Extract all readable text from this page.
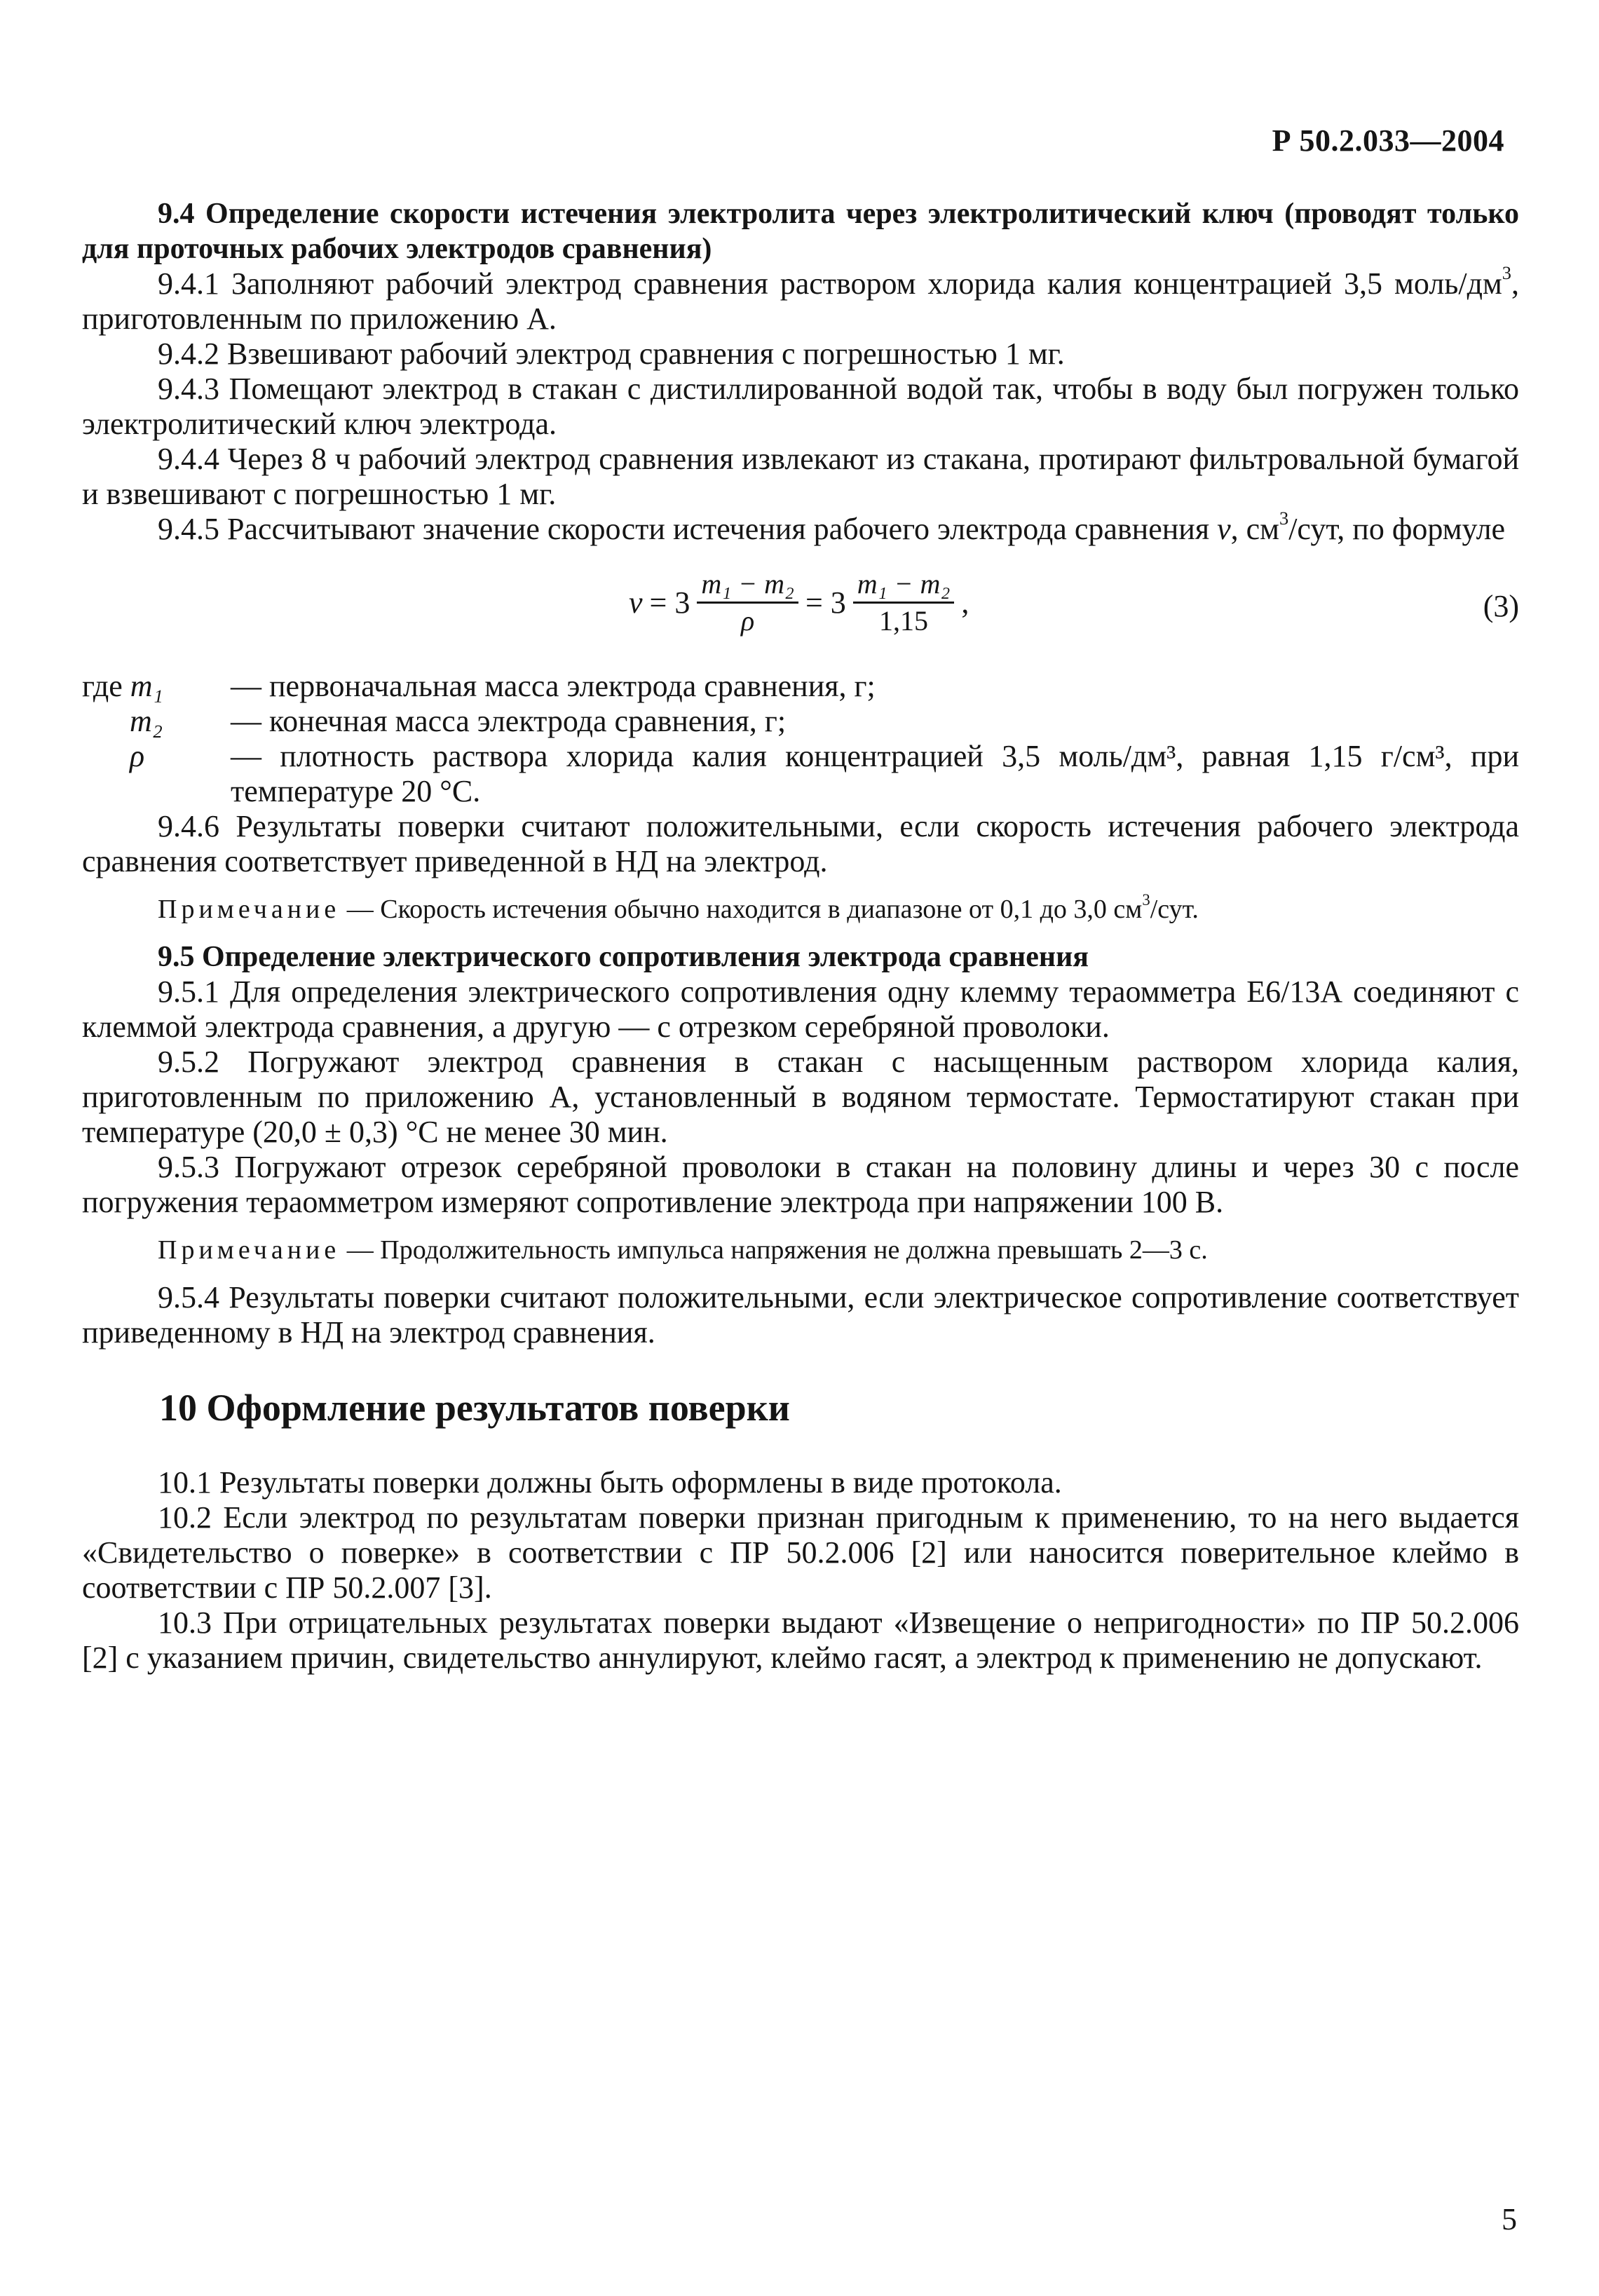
Р 50.2.033—2004

9.4 Определение скорости истечения электролита через электролитический ключ (проводят только для проточных рабочих электродов сравнения)

9.4.1 Заполняют рабочий электрод сравнения раствором хлорида калия концентрацией 3,5 моль/$дм^3$, приготовленным по приложению А.

9.4.2 Взвешивают рабочий электрод сравнения с погрешностью 1 мг.

9.4.3 Помещают электрод в стакан с дистиллированной водой так, чтобы в воду был погружен только электролитический ключ электрода.

9.4.4 Через 8 ч рабочий электрод сравнения извлекают из стакана, протирают фильтровальной бумагой и взвешивают с погрешностью 1 мг.

9.4.5 Рассчитывают значение скорости истечения рабочего электрода сравнения v, $см^3$/сут, по формуле

$v = 3 \frac{\text{m₁ − m₂}}{\rho} = 3 \frac{\text{m₁ − m₂}}{1,15}$ ,	(3)
где m₁	— первоначальная масса электрода сравнения, г;
m₂	— конечная масса электрода сравнения, г;
ρ	— плотность раствора хлорида калия концентрацией 3,5 моль/дм³, равная 1,15 г/см³, при температуре 20 °С.

9.4.6 Результаты поверки считают положительными, если скорость истечения рабочего электрода сравнения соответствует приведенной в НД на электрод.

Примечание — Скорость истечения обычно находится в диапазоне от 0,1 до 3,0 $см^3$/сут.

9.5 Определение электрического сопротивления электрода сравнения

9.5.1 Для определения электрического сопротивления одну клемму тераомметра Е6/13А соединяют с клеммой электрода сравнения, а другую — с отрезком серебряной проволоки.

9.5.2 Погружают электрод сравнения в стакан с насыщенным раствором хлорида калия, приготовленным по приложению А, установленный в водяном термостате. Термостатируют стакан при температуре (20,0 ± 0,3) °С не менее 30 мин.

9.5.3 Погружают отрезок серебряной проволоки в стакан на половину длины и через 30 с после погружения тераомметром измеряют сопротивление электрода при напряжении 100 В.

Примечание — Продолжительность импульса напряжения не должна превышать 2—3 с.

9.5.4 Результаты поверки считают положительными, если электрическое сопротивление соответствует приведенному в НД на электрод сравнения.

10 Оформление результатов поверки

10.1 Результаты поверки должны быть оформлены в виде протокола.

10.2 Если электрод по результатам поверки признан пригодным к применению, то на него выдается «Свидетельство о поверке» в соответствии с ПР 50.2.006 [2] или наносится поверительное клеймо в соответствии с ПР 50.2.007 [3].

10.3 При отрицательных результатах поверки выдают «Извещение о непригодности» по ПР 50.2.006 [2] с указанием причин, свидетельство аннулируют, клеймо гасят, а электрод к применению не допускают.

5
